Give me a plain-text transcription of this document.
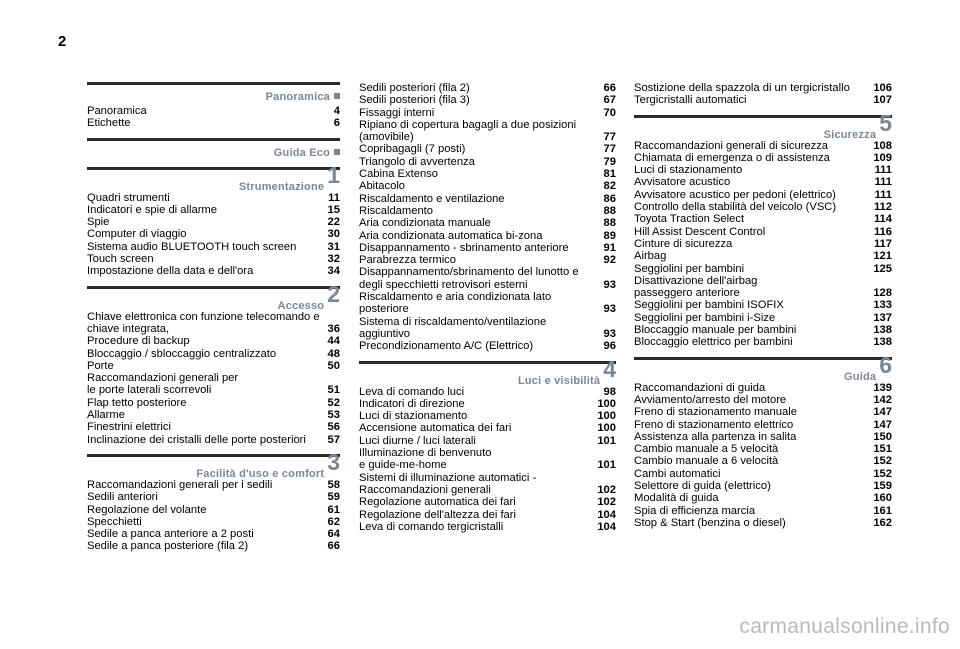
2
Panoramica
Panoramica	4
Etichette	6
Guida Eco
Strumentazione 1
Quadri strumenti	11
Indicatori e spie di allarme	15
Spie	22
Computer di viaggio	30
Sistema audio BLUETOOTH touch screen	31
Touch screen	32
Impostazione della data e dell'ora	34
Accesso 2
Chiave elettronica con funzione telecomando e
chiave integrata,	36
Procedure di backup	44
Bloccaggio / sbloccaggio centralizzato	48
Porte	50
Raccomandazioni generali per
le porte laterali scorrevoli	51
Flap tetto posteriore	52
Allarme	53
Finestrini elettrici	56
Inclinazione dei cristalli delle porte posteriori	57
Facilità d'uso e comfort 3
Raccomandazioni generali per i sedili	58
Sedili anteriori	59
Regolazione del volante	61
Specchietti	62
Sedile a panca anteriore a 2 posti	64
Sedile a panca posteriore (fila 2)	66
Sedili posteriori (fila 2)	66
Sedili posteriori (fila 3)	67
Fissaggi interni	70
Ripiano di copertura bagagli a due posizioni
(amovibile)	77
Copribagagli (7 posti)	77
Triangolo di avvertenza	79
Cabina Extenso	81
Abitacolo	82
Riscaldamento e ventilazione	86
Riscaldamento	88
Aria condizionata manuale	88
Aria condizionata automatica bi-zona	89
Disappannamento - sbrinamento anteriore	91
Parabrezza termico	92
Disappannamento/sbrinamento del lunotto e
degli specchietti retrovisori esterni	93
Riscaldamento e aria condizionata lato
posteriore	93
Sistema di riscaldamento/ventilazione
aggiuntivo	93
Precondizionamento A/C (Elettrico)	96
Luci e visibilità 4
Leva di comando luci	98
Indicatori di direzione	100
Luci di stazionamento	100
Accensione automatica dei fari	100
Luci diurne / luci laterali	101
Illuminazione di benvenuto
e guide-me-home	101
Sistemi di illuminazione automatici -
Raccomandazioni generali	102
Regolazione automatica dei fari	102
Regolazione dell'altezza dei fari	104
Leva di comando tergicristalli	104
Sostizione della spazzola di un tergicristallo	106
Tergicristalli automatici	107
Sicurezza 5
Raccomandazioni generali di sicurezza	108
Chiamata di emergenza o di assistenza	109
Luci di stazionamento	111
Avvisatore acustico	111
Avvisatore acustico per pedoni (elettrico)	111
Controllo della stabilità del veicolo (VSC)	112
Toyota Traction Select	114
Hill Assist Descent Control	116
Cinture di sicurezza	117
Airbag	121
Seggiolini per bambini	125
Disattivazione dell'airbag
passeggero anteriore	128
Seggiolini per bambini ISOFIX	133
Seggiolini per bambini i-Size	137
Bloccaggio manuale per bambini	138
Bloccaggio elettrico per bambini	138
Guida 6
Raccomandazioni di guida	139
Avviamento/arresto del motore	142
Freno di stazionamento manuale	147
Freno di stazionamento elettrico	147
Assistenza alla partenza in salita	150
Cambio manuale a 5 velocità	151
Cambio manuale a 6 velocità	152
Cambi automatici	152
Selettore di guida (elettrico)	159
Modalità di guida	160
Spia di efficienza marcia	161
Stop & Start (benzina o diesel)	162
carmanualsonline.info
